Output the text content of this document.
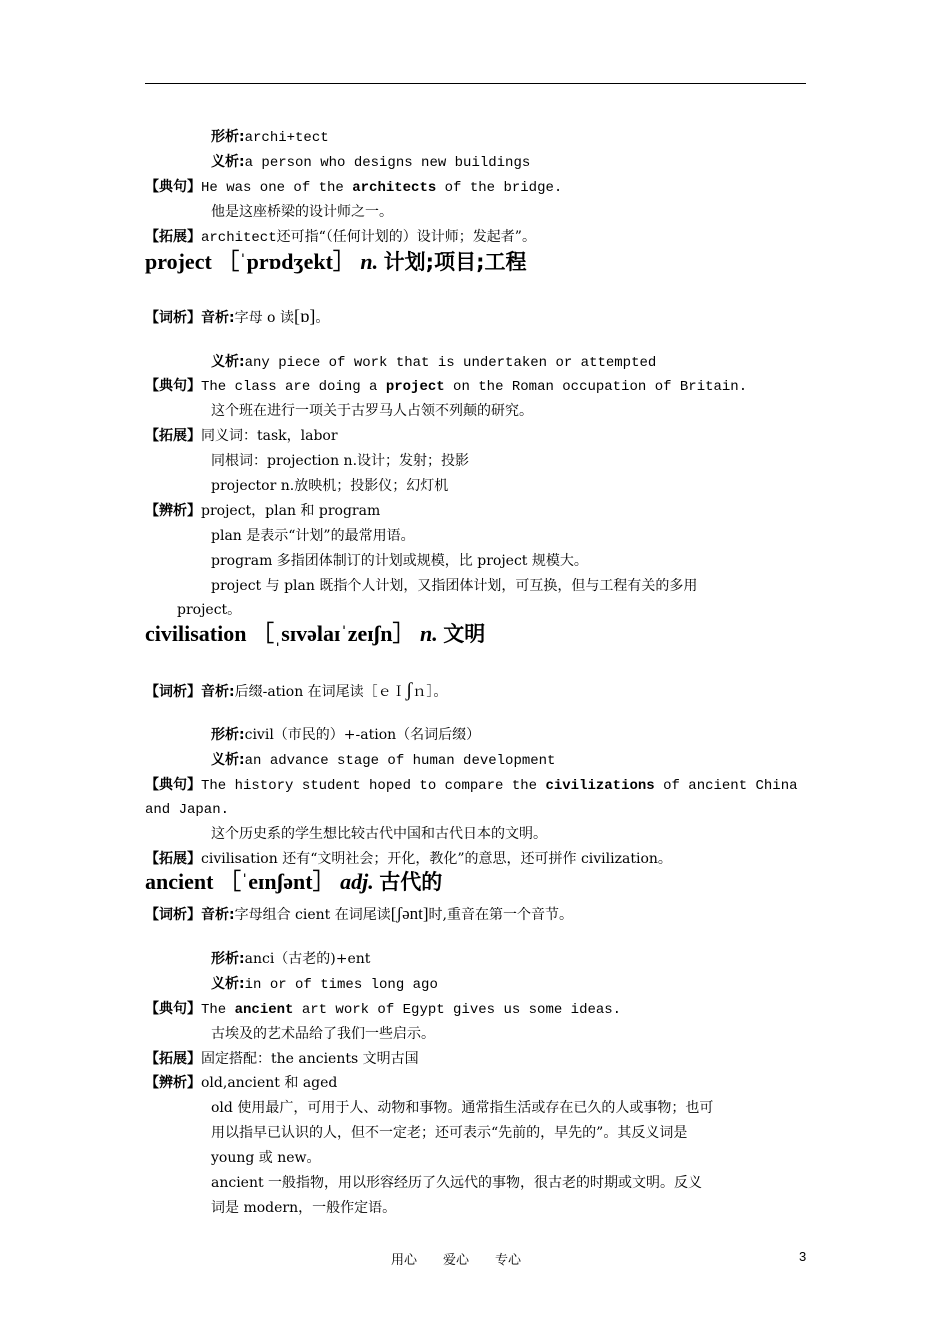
形析:archi+tect
义析:a person who designs new buildings
【典句】He was one of the architects of the bridge.
他是这座桥梁的设计师之一。
【拓展】architect还可指“（任何计划的）设计师；发起者”。
project ［ˈprɒdʒekt］ n. 计划;项目;工程
【词析】音析:字母 o 读[ɒ]。
义析:any piece of work that is undertaken or attempted
【典句】The class are doing a project on the Roman occupation of Britain.
这个班在进行一项关于古罗马人占领不列颠的研究。
【拓展】同义词：task，labor
同根词：projection n.设计；发射；投影
projector n.放映机；投影仪；幻灯机
【辨析】project，plan 和 program
plan 是表示“计划”的最常用语。
program 多指团体制订的计划或规模，比 project 规模大。
project 与 plan 既指个人计划，又指团体计划，可互换，但与工程有关的多用
project。
civilisation ［ˌsɪvəlaɪˈzeɪʃn］ n. 文明
【词析】音析:后缀-ation 在词尾读［ｅＩʃｎ］。
形析:civil（市民的）+-ation（名词后缀）
义析:an advance stage of human development
【典句】The history student hoped to compare the civilizations of ancient China
and Japan.
这个历史系的学生想比较古代中国和古代日本的文明。
【拓展】civilisation 还有“文明社会；开化，教化”的意思，还可拼作 civilization。
ancient ［ˈeɪnʃənt］ adj. 古代的
【词析】音析:字母组合 cient 在词尾读[ʃənt]时,重音在第一个音节。
形析:anci（古老的)+ent
义析:in or of times long ago
【典句】The ancient art work of Egypt gives us some ideas.
古埃及的艺术品给了我们一些启示。
【拓展】固定搭配：the ancients 文明古国
【辨析】old,ancient 和 aged
old 使用最广，可用于人、动物和事物。通常指生活或存在已久的人或事物；也可
用以指早已认识的人，但不一定老；还可表示“先前的，早先的”。其反义词是
young 或 new。
ancient 一般指物，用以形容经历了久远代的事物，很古老的时期或文明。反义
词是 modern，一般作定语。
用心 爱心 专心	3
